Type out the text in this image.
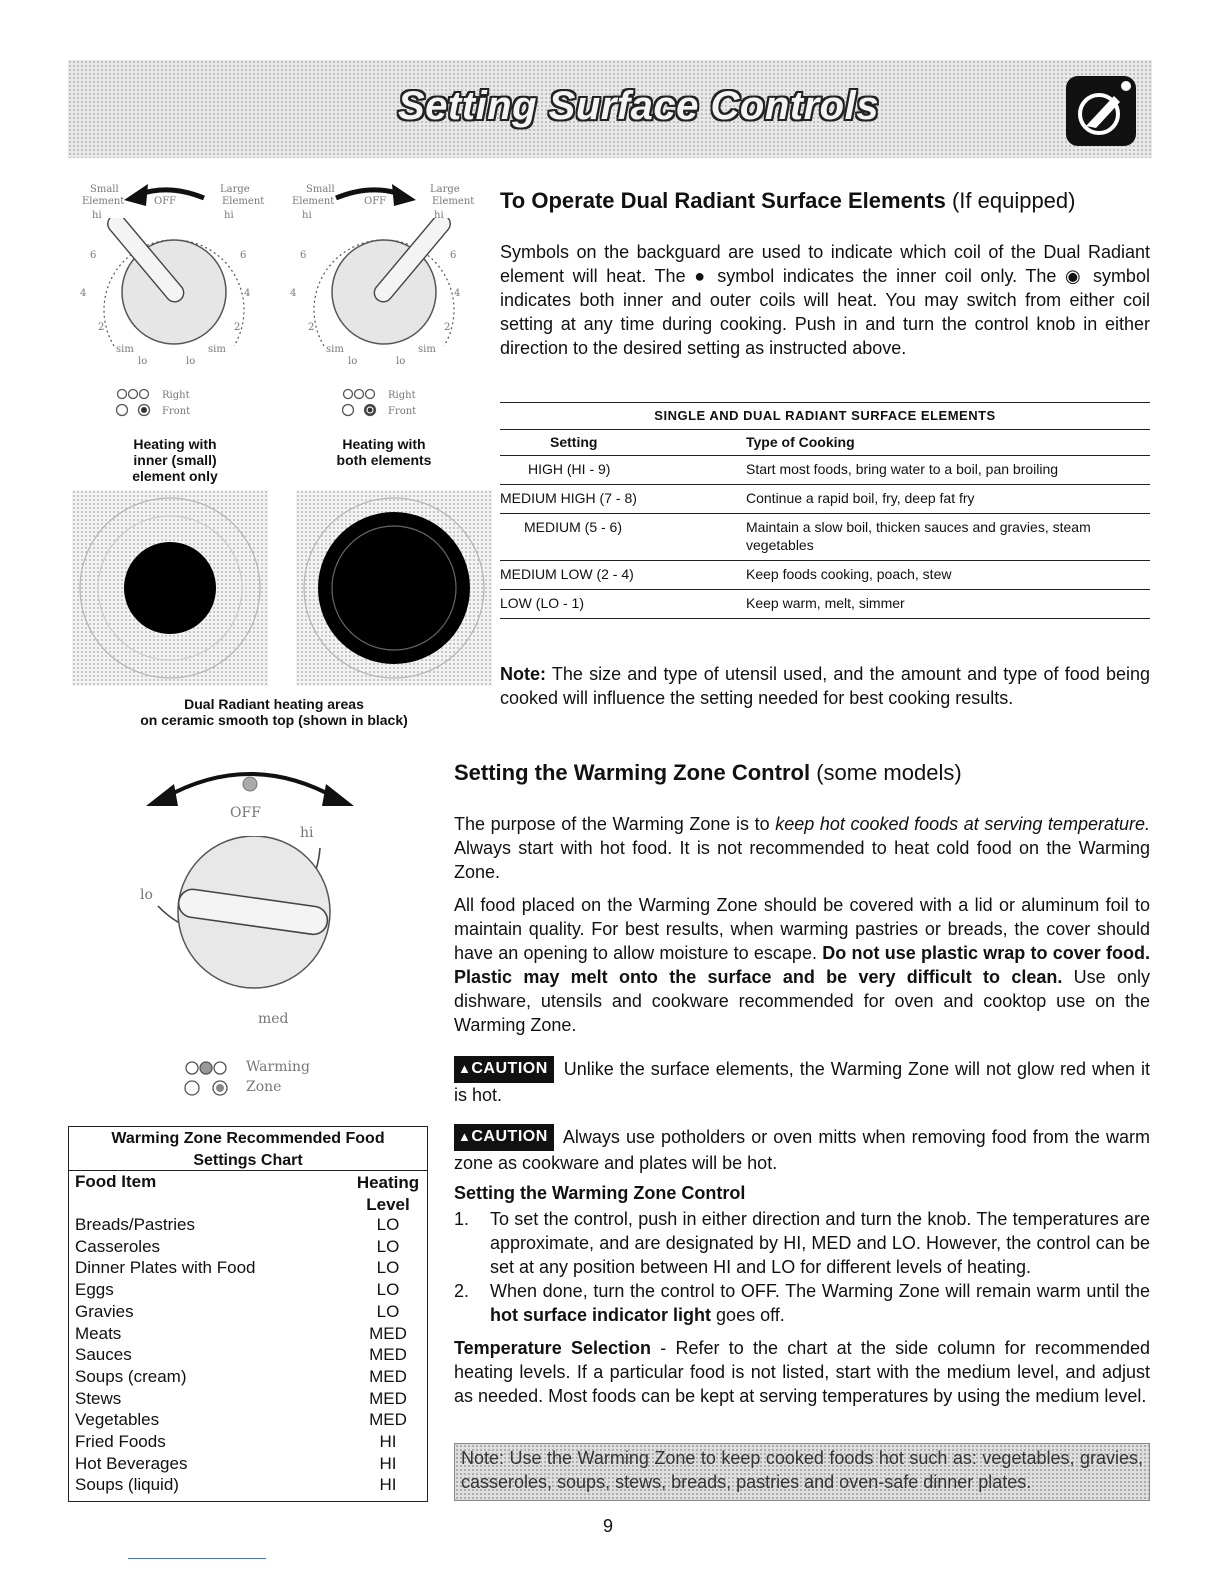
Setting Surface Controls
Small
Element	OFF
Large
Element
hi	hi
6	6
4	4
2	2
sim	sim
lo	lo
Small
Element	OFF
Large
Element
hi	hi
6	6
4	4
2	2
sim	sim
lo	lo
Right
Front
Right
Front
Heating with
inner (small)
element only
Heating with
both elements
Dual Radiant heating areas
on ceramic smooth top (shown in black)
To Operate Dual Radiant Surface Elements (If equipped)
Symbols on the backguard are used to indicate which coil of the Dual Radiant element will heat. The ● symbol indicates the inner coil only. The ◉ symbol indicates both inner and outer coils will heat. You may switch from either coil setting at any time during cooking. Push in and turn the control knob in either direction to the desired setting as instructed above.
SINGLE AND DUAL RADIANT SURFACE ELEMENTS	
Setting	Type of Cooking
HIGH (HI - 9)	Start most foods, bring water to a boil, pan broiling
MEDIUM HIGH (7 - 8)	Continue a rapid boil, fry, deep fat fry
MEDIUM (5 - 6)	Maintain a slow boil, thicken sauces and gravies, steam vegetables
MEDIUM LOW (2 - 4)	Keep foods cooking, poach, stew
LOW (LO - 1)	Keep warm, melt, simmer
Note: The size and type of utensil used, and the amount and type of food being cooked will influence the setting needed for best cooking results.
OFF
hi
lo
med
Warming
Zone
Warming Zone Recommended Food
Settings Chart
Food Item	Heating
Level
Breads/Pastries	LO
Casseroles	LO
Dinner Plates with Food	LO
Eggs	LO
Gravies	LO
Meats	MED
Sauces	MED
Soups (cream)	MED
Stews	MED
Vegetables	MED
Fried Foods	HI
Hot Beverages	HI
Soups (liquid)	HI
Setting the Warming Zone Control (some models)
The purpose of the Warming Zone is to keep hot cooked foods at serving temperature. Always start with hot food. It is not recommended to heat cold food on the Warming Zone.
All food placed on the Warming Zone should be covered with a lid or aluminum foil to maintain quality. For best results, when warming pastries or breads, the cover should have an opening to allow moisture to escape. Do not use plastic wrap to cover food. Plastic may melt onto the surface and be very difficult to clean. Use only dishware, utensils and cookware recommended for oven and cooktop use on the Warming Zone.
▲CAUTION Unlike the surface elements, the Warming Zone will not glow red when it is hot.
▲CAUTION Always use potholders or oven mitts when removing food from the warm zone as cookware and plates will be hot.
Setting the Warming Zone Control
1.	To set the control, push in either direction and turn the knob. The temperatures are approximate, and are designated by HI, MED and LO. However, the control can be set at any position between HI and LO for different levels of heating.
2.	When done, turn the control to OFF. The Warming Zone will remain warm until the hot surface indicator light goes off.
Temperature Selection - Refer to the chart at the side column for recommended heating levels. If a particular food is not listed, start with the medium level, and adjust as needed. Most foods can be kept at serving temperatures by using the medium level.
Note: Use the Warming Zone to keep cooked foods hot such as: vegetables, gravies, casseroles, soups, stews, breads, pastries and oven-safe dinner plates.
9
